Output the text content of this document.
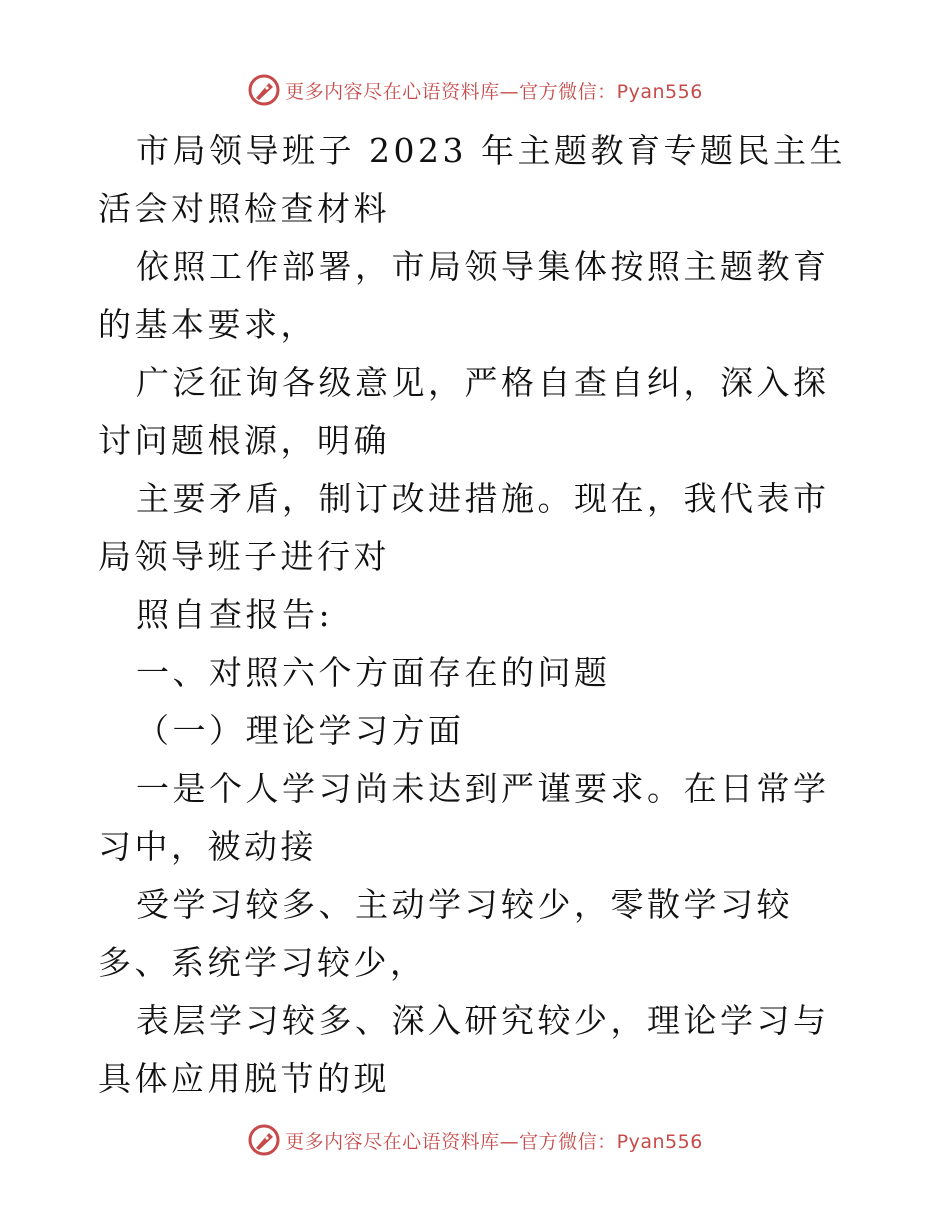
更多内容尽在心语资料库—官方微信：Pyan556

市局领导班子 2023 年主题教育专题民主生活会对照检查材料

依照工作部署，市局领导集体按照主题教育的基本要求，

广泛征询各级意见，严格自查自纠，深入探讨问题根源，明确

主要矛盾，制订改进措施。现在，我代表市局领导班子进行对

照自查报告:

一、对照六个方面存在的问题

（一）理论学习方面

一是个人学习尚未达到严谨要求。在日常学习中，被动接

受学习较多、主动学习较少，零散学习较多、系统学习较少，

表层学习较多、深入研究较少，理论学习与具体应用脱节的现

更多内容尽在心语资料库—官方微信：Pyan556
